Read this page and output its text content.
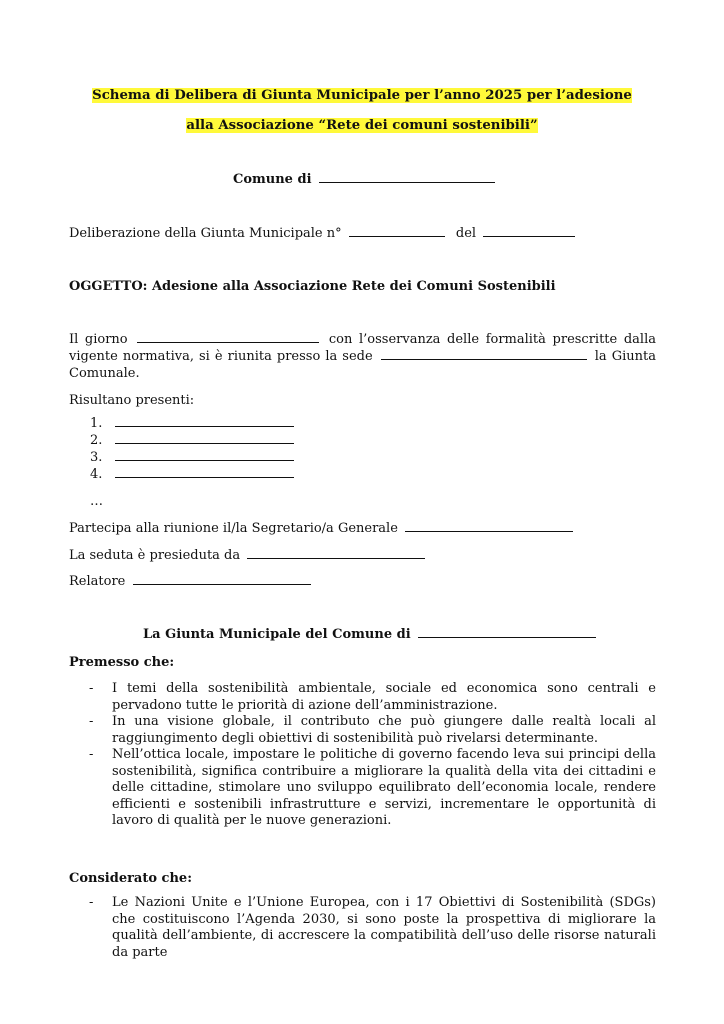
Schema di Delibera di Giunta Municipale per l’anno 2025 per l’adesione
alla Associazione “Rete dei comuni sostenibili”
Comune di
Deliberazione della Giunta Municipale n°	del
OGGETTO: Adesione alla Associazione Rete dei Comuni Sostenibili
Il giorno	con l’osservanza delle formalità prescritte dalla
vigente normativa, si è riunita presso la sede	la Giunta
Comunale.
Risultano presenti:
1.
2.
3.
4.
…
Partecipa alla riunione il/la Segretario/a Generale
La seduta è presieduta da
Relatore
La Giunta Municipale del Comune di
Premesso che:
- I temi della sostenibilità ambientale, sociale ed economica sono centrali e pervadono tutte le priorità di azione dell’amministrazione.
- In una visione globale, il contributo che può giungere dalle realtà locali al raggiungimento degli obiettivi di sostenibilità può rivelarsi determinante.
- Nell’ottica locale, impostare le politiche di governo facendo leva sui principi della sostenibilità, significa contribuire a migliorare la qualità della vita dei cittadini e delle cittadine, stimolare uno sviluppo equilibrato dell’economia locale, rendere efficienti e sostenibili infrastrutture e servizi, incrementare le opportunità di lavoro di qualità per le nuove generazioni.
Considerato che:
- Le Nazioni Unite e l’Unione Europea, con i 17 Obiettivi di Sostenibilità (SDGs) che costituiscono l’Agenda 2030, si sono poste la prospettiva di migliorare la qualità dell’ambiente, di accrescere la compatibilità dell’uso delle risorse naturali da parte
